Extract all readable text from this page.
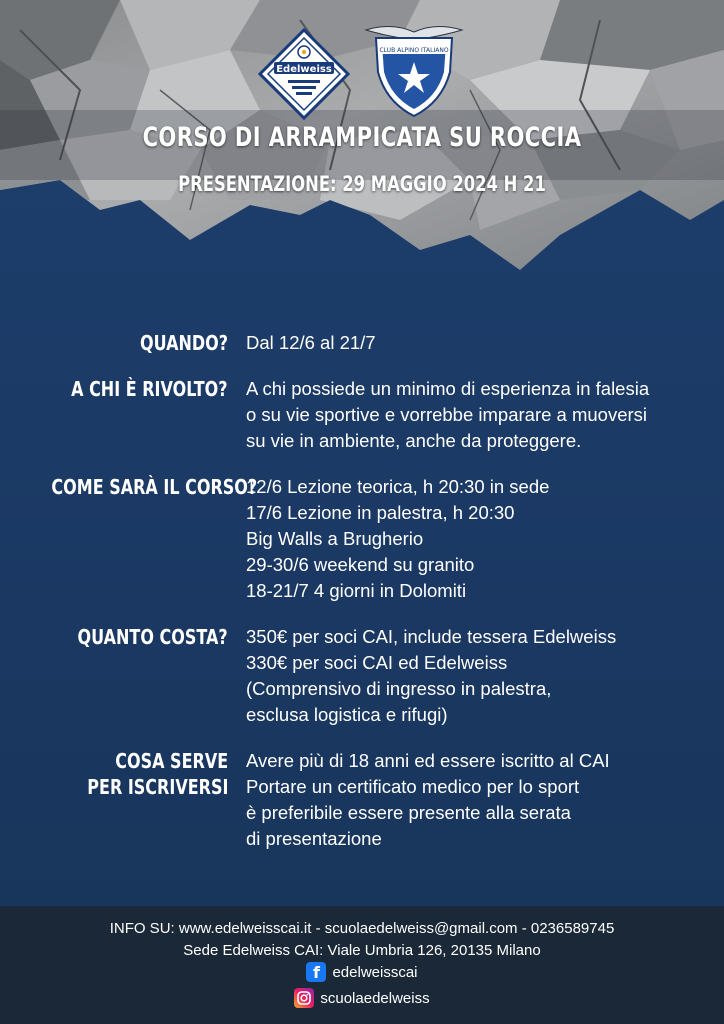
Edelweiss
CLUB ALPINO ITALIANO
CORSO DI ARRAMPICATA SU ROCCIA
PRESENTAZIONE: 29 MAGGIO 2024 H 21
QUANDO? Dal 12/6 al 21/7
A CHI È RIVOLTO? A chi possiede un minimo di esperienza in falesia
o su vie sportive e vorrebbe imparare a muoversi
su vie in ambiente, anche da proteggere.
COME SARÀ IL CORSO?
12/6 Lezione teorica, h 20:30 in sede
17/6 Lezione in palestra, h 20:30
Big Walls a Brugherio
29-30/6 weekend su granito
18-21/7 4 giorni in Dolomiti
QUANTO COSTA? 350€ per soci CAI, include tessera Edelweiss
330€ per soci CAI ed Edelweiss
(Comprensivo di ingresso in palestra,
esclusa logistica e rifugi)
COSA SERVE
PER ISCRIVERSI
Avere più di 18 anni ed essere iscritto al CAI
Portare un certificato medico per lo sport
è preferibile essere presente alla serata
di presentazione
INFO SU: www.edelweisscai.it - scuolaedelweiss@gmail.com - 0236589745
Sede Edelweiss CAI: Viale Umbria 126, 20135 Milano
f edelweisscai
scuolaedelweiss
